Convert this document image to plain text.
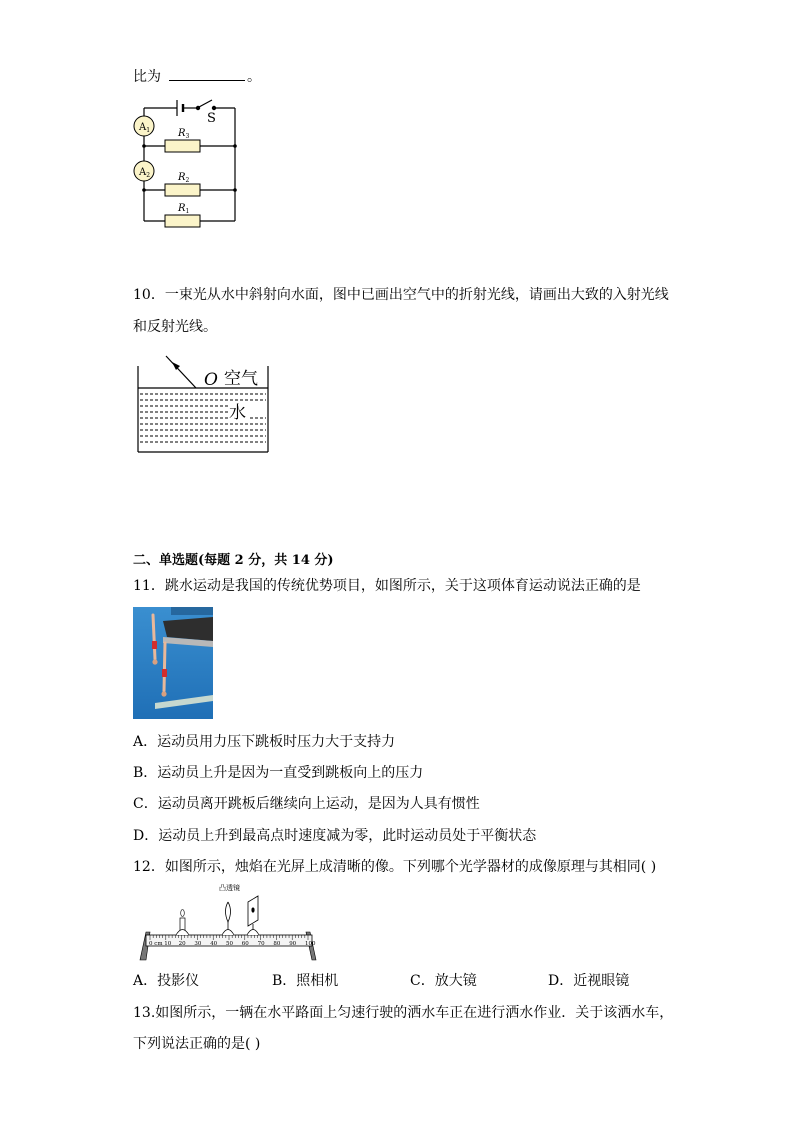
比为	。
$A_1$
$A_2$
S
$R_3$
$R_2$
$R_1$
10．一束光从水中斜射向水面，图中已画出空气中的折射光线，请画出大致的入射光线
和反射光线。
O 空气
水
二、单选题(每题 2 分，共 14 分)
11．跳水运动是我国的传统优势项目，如图所示，关于这项体育运动说法正确的是
A．运动员用力压下跳板时压力大于支持力
B．运动员上升是因为一直受到跳板向上的压力
C．运动员离开跳板后继续向上运动，是因为人具有惯性
D．运动员上升到最高点时速度减为零，此时运动员处于平衡状态
12．如图所示，烛焰在光屏上成清晰的像。下列哪个光学器材的成像原理与其相同( )
0 cm 10 20 30 40 50 60 70 80 90 100
凸透镜
A．投影仪	B．照相机	C．放大镜	D．近视眼镜
13.如图所示，一辆在水平路面上匀速行驶的洒水车正在进行洒水作业．关于该洒水车，
下列说法正确的是( )
